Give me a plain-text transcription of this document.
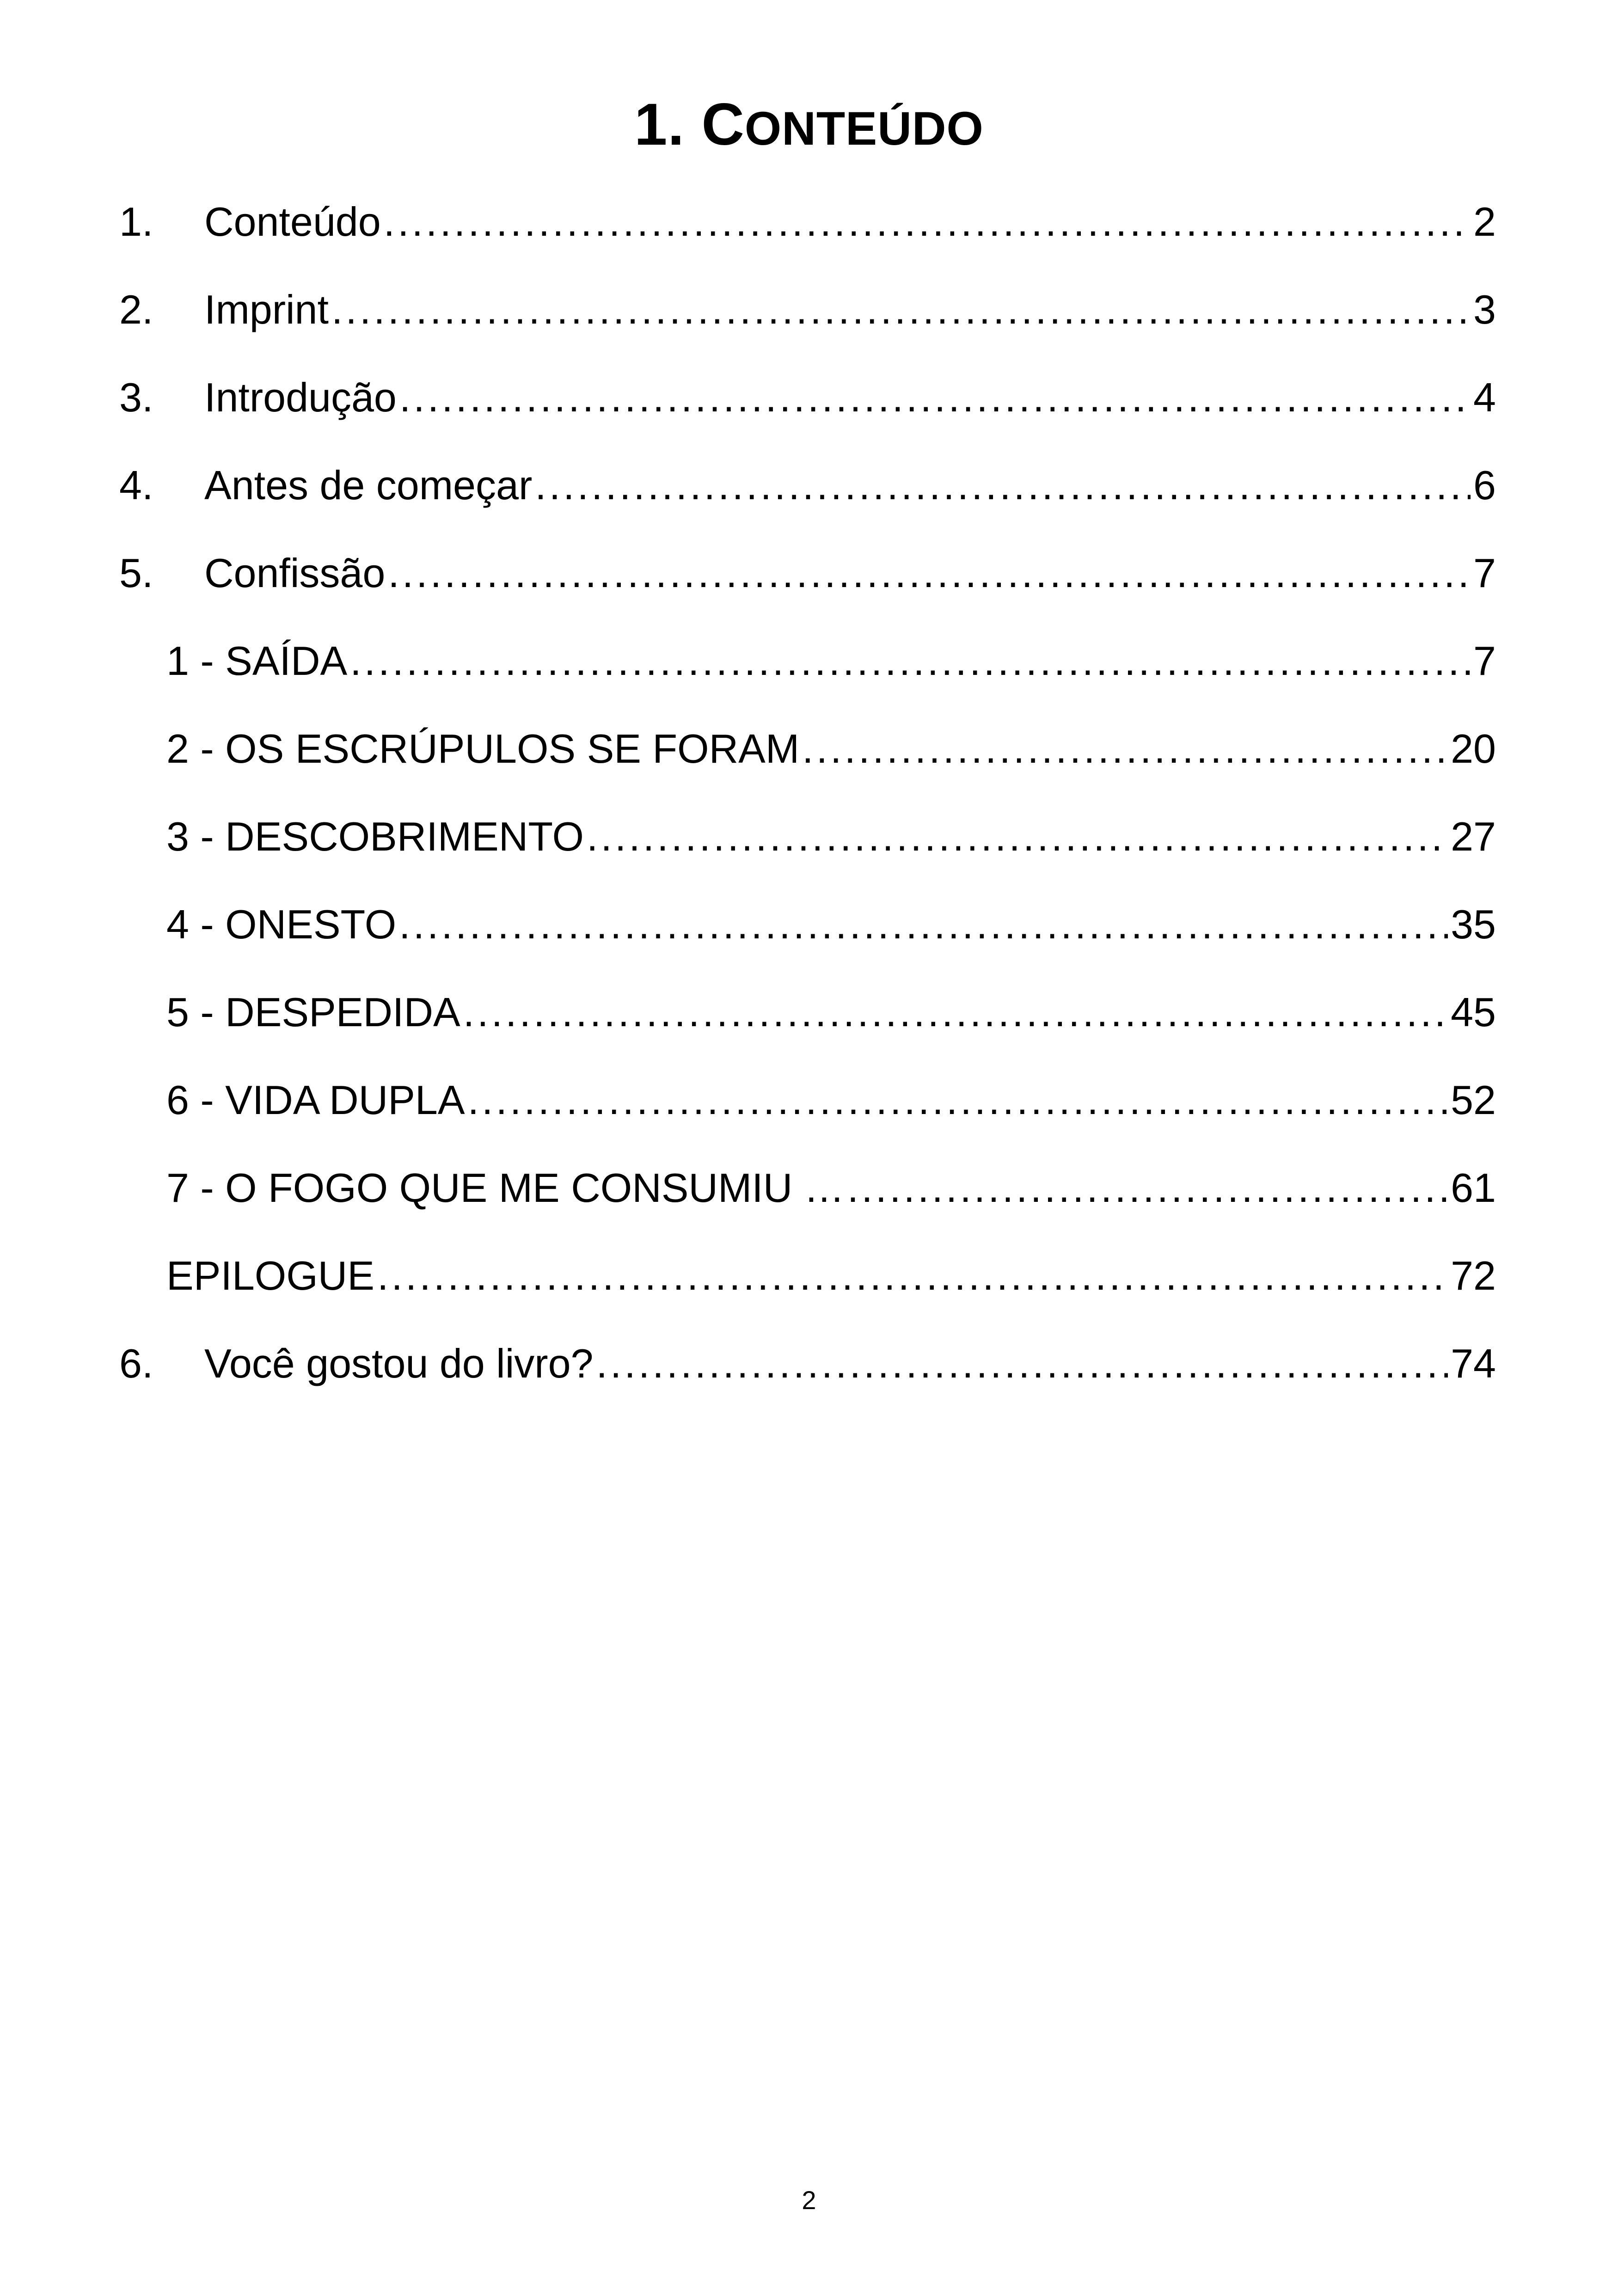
1. CONTEÚDO
1.	Conteúdo .....	2
2.	Imprint .....	3
3.	Introdução .....	4
4.	Antes de começar .....	6
5.	Confissão .....	7
1 - SAÍDA .....	7
2 - OS ESCRÚPULOS SE FORAM .....	20
3 - DESCOBRIMENTO .....	27
4 - ONESTO .....	35
5 - DESPEDIDA .....	45
6 - VIDA DUPLA .....	52
7 - O FOGO QUE ME CONSUMIU … .....	61
EPILOGUE .....	72
6.	Você gostou do livro? .....	74
2
